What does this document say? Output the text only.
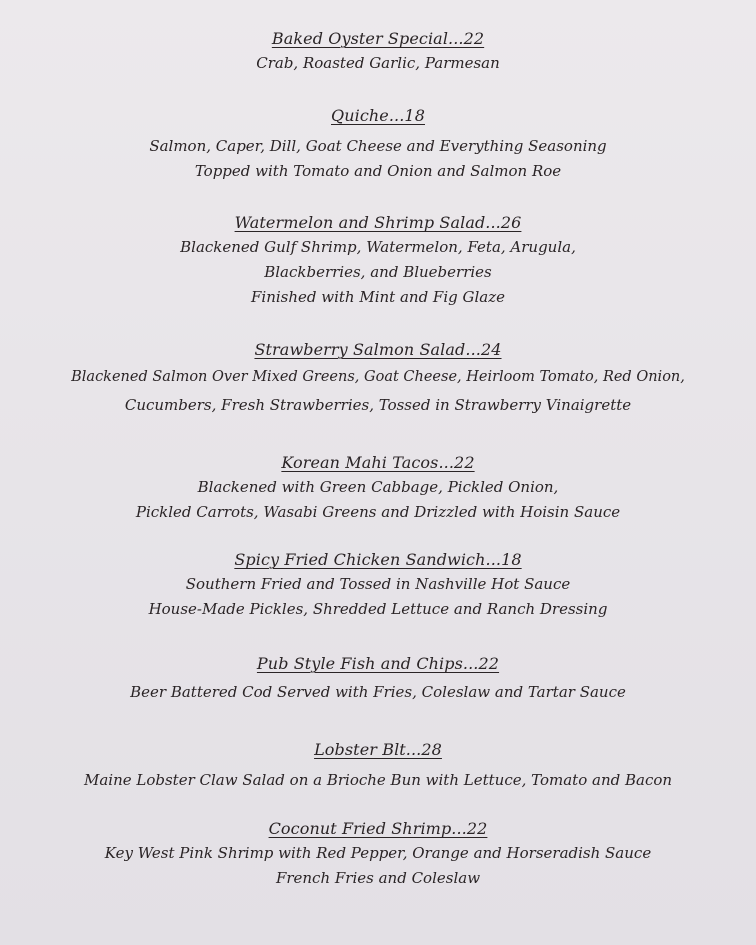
Baked Oyster Special...22
Crab, Roasted Garlic, Parmesan
Quiche...18
Salmon, Caper, Dill, Goat Cheese and Everything Seasoning
Topped with Tomato and Onion and Salmon Roe
Watermelon and Shrimp Salad...26
Blackened Gulf Shrimp, Watermelon, Feta, Arugula,
Blackberries, and Blueberries
Finished with Mint and Fig Glaze
Strawberry Salmon Salad...24
Blackened Salmon Over Mixed Greens, Goat Cheese, Heirloom Tomato, Red Onion,
Cucumbers, Fresh Strawberries, Tossed in Strawberry Vinaigrette
Korean Mahi Tacos...22
Blackened with Green Cabbage, Pickled Onion,
Pickled Carrots, Wasabi Greens and Drizzled with Hoisin Sauce
Spicy Fried Chicken Sandwich...18
Southern Fried and Tossed in Nashville Hot Sauce
House-Made Pickles, Shredded Lettuce and Ranch Dressing
Pub Style Fish and Chips...22
Beer Battered Cod Served with Fries, Coleslaw and Tartar Sauce
Lobster Blt...28
Maine Lobster Claw Salad on a Brioche Bun with Lettuce, Tomato and Bacon
Coconut Fried Shrimp...22
Key West Pink Shrimp with Red Pepper, Orange and Horseradish Sauce
French Fries and Coleslaw
